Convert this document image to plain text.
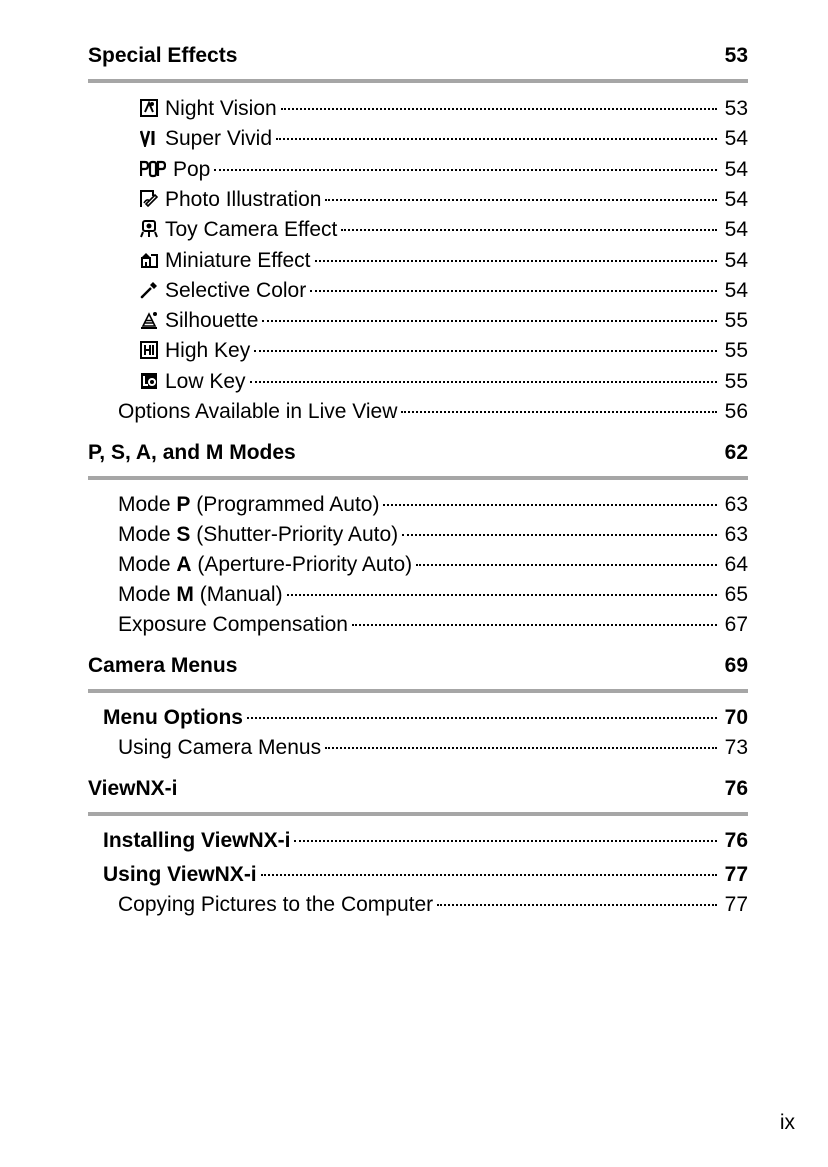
Special Effects	53
Night Vision	53
Super Vivid	54
Pop	54
Photo Illustration	54
Toy Camera Effect	54
Miniature Effect	54
Selective Color	54
Silhouette	55
High Key	55
Low Key	55
Options Available in Live View	56
P, S, A, and M Modes	62
Mode P (Programmed Auto)	63
Mode S (Shutter-Priority Auto)	63
Mode A (Aperture-Priority Auto)	64
Mode M (Manual)	65
Exposure Compensation	67
Camera Menus	69
Menu Options	70
Using Camera Menus	73
ViewNX-i	76
Installing ViewNX-i	76
Using ViewNX-i	77
Copying Pictures to the Computer	77
ix
